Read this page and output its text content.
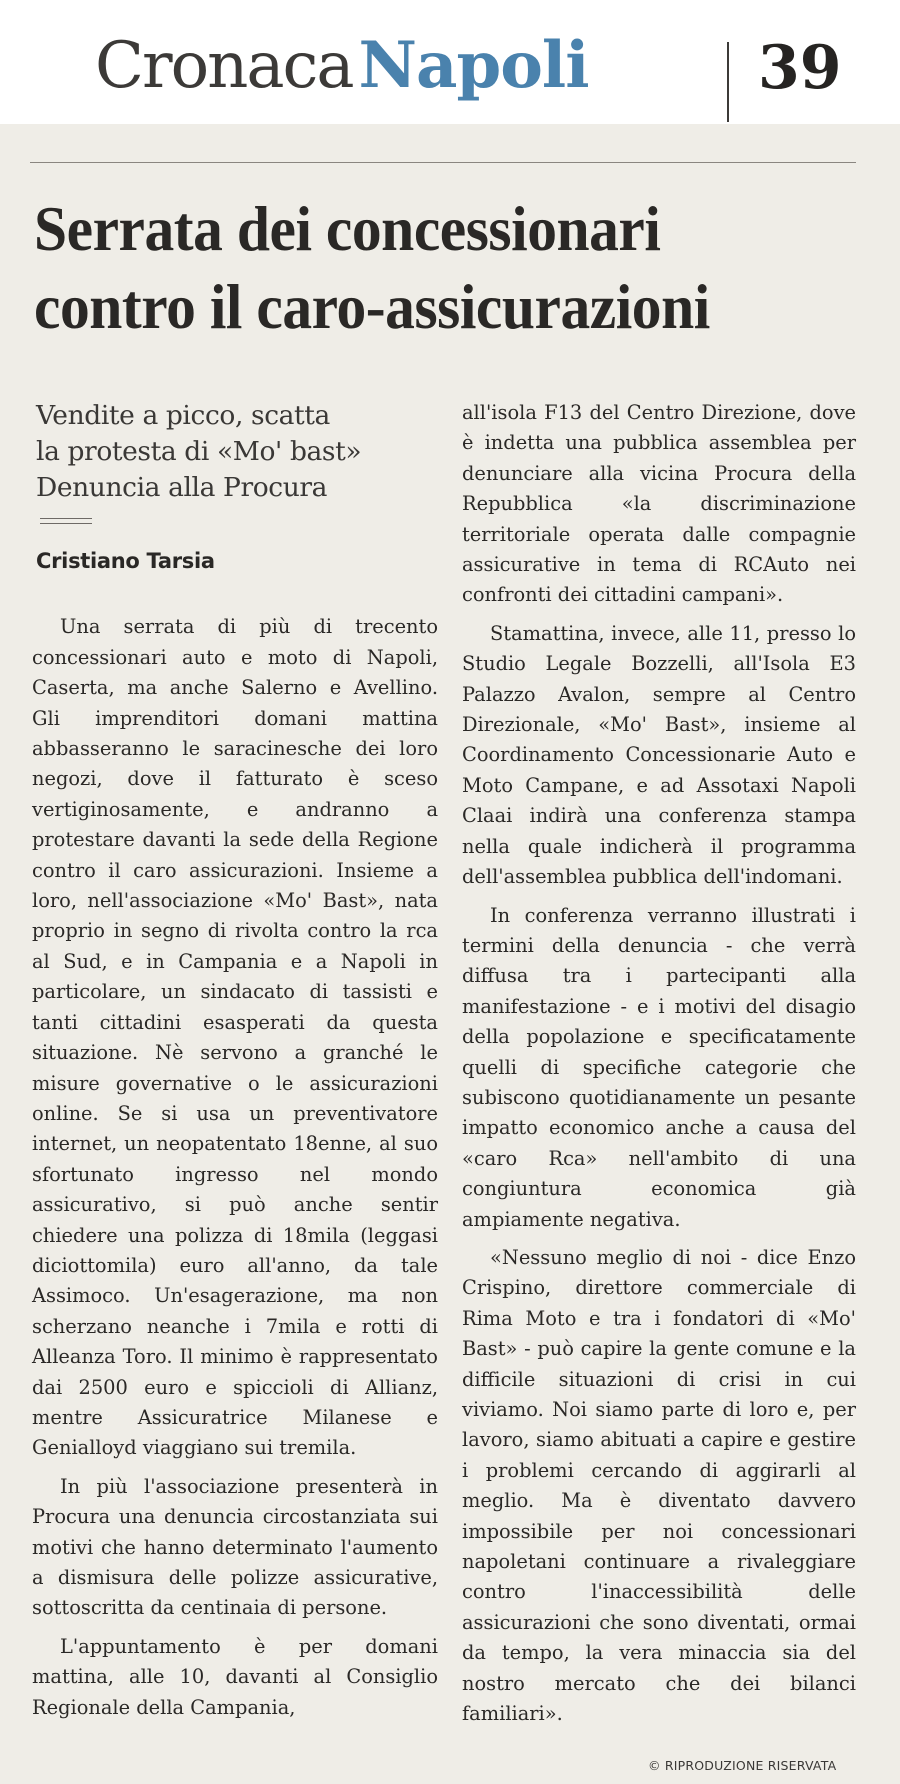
CronacaNapoli	39
Serrata dei concessionari
contro il caro-assicurazioni
Vendite a picco, scatta
la protesta di «Mo' bast»
Denuncia alla Procura
Cristiano Tarsia

Una serrata di più di trecento concessionari auto e moto di Napoli, Caserta, ma anche Salerno e Avellino. Gli imprenditori domani mattina abbasseranno le saracinesche dei loro negozi, dove il fatturato è sceso vertiginosamente, e andranno a protestare davanti la sede della Regione contro il caro assicurazioni. Insieme a loro, nell'associazione «Mo' Bast», nata proprio in segno di rivolta contro la rca al Sud, e in Campania e a Napoli in particolare, un sindacato di tassisti e tanti cittadini esasperati da questa situazione. Nè servono a granché le misure governative o le assicurazioni online. Se si usa un preventivatore internet, un neopatentato 18enne, al suo sfortunato ingresso nel mondo assicurativo, si può anche sentir chiedere una polizza di 18mila (leggasi diciottomila) euro all'anno, da tale Assimoco. Un'esagerazione, ma non scherzano neanche i 7mila e rotti di Alleanza Toro. Il minimo è rappresentato dai 2500 euro e spiccioli di Allianz, mentre Assicuratrice Milanese e Genialloyd viaggiano sui tremila.

In più l'associazione presenterà in Procura una denuncia circostanziata sui motivi che hanno determinato l'aumento a dismisura delle polizze assicurative, sottoscritta da centinaia di persone.

L'appuntamento è per domani mattina, alle 10, davanti al Consiglio Regionale della Campania,

all'isola F13 del Centro Direzione, dove è indetta una pubblica assemblea per denunciare alla vicina Procura della Repubblica «la discriminazione territoriale operata dalle compagnie assicurative in tema di RCAuto nei confronti dei cittadini campani».

Stamattina, invece, alle 11, presso lo Studio Legale Bozzelli, all'Isola E3 Palazzo Avalon, sempre al Centro Direzionale, «Mo' Bast», insieme al Coordinamento Concessionarie Auto e Moto Campane, e ad Assotaxi Napoli Claai indirà una conferenza stampa nella quale indicherà il programma dell'assemblea pubblica dell'indomani.

In conferenza verranno illustrati i termini della denuncia - che verrà diffusa tra i partecipanti alla manifestazione - e i motivi del disagio della popolazione e specificatamente quelli di specifiche categorie che subiscono quotidianamente un pesante impatto economico anche a causa del «caro Rca» nell'ambito di una congiuntura economica già ampiamente negativa.

«Nessuno meglio di noi - dice Enzo Crispino, direttore commerciale di Rima Moto e tra i fondatori di «Mo' Bast» - può capire la gente comune e la difficile situazioni di crisi in cui viviamo. Noi siamo parte di loro e, per lavoro, siamo abituati a capire e gestire i problemi cercando di aggirarli al meglio. Ma è diventato davvero impossibile per noi concessionari napoletani continuare a rivaleggiare contro l'inaccessibilità delle assicurazioni che sono diventati, ormai da tempo, la vera minaccia sia del nostro mercato che dei bilanci familiari».

© RIPRODUZIONE RISERVATA
